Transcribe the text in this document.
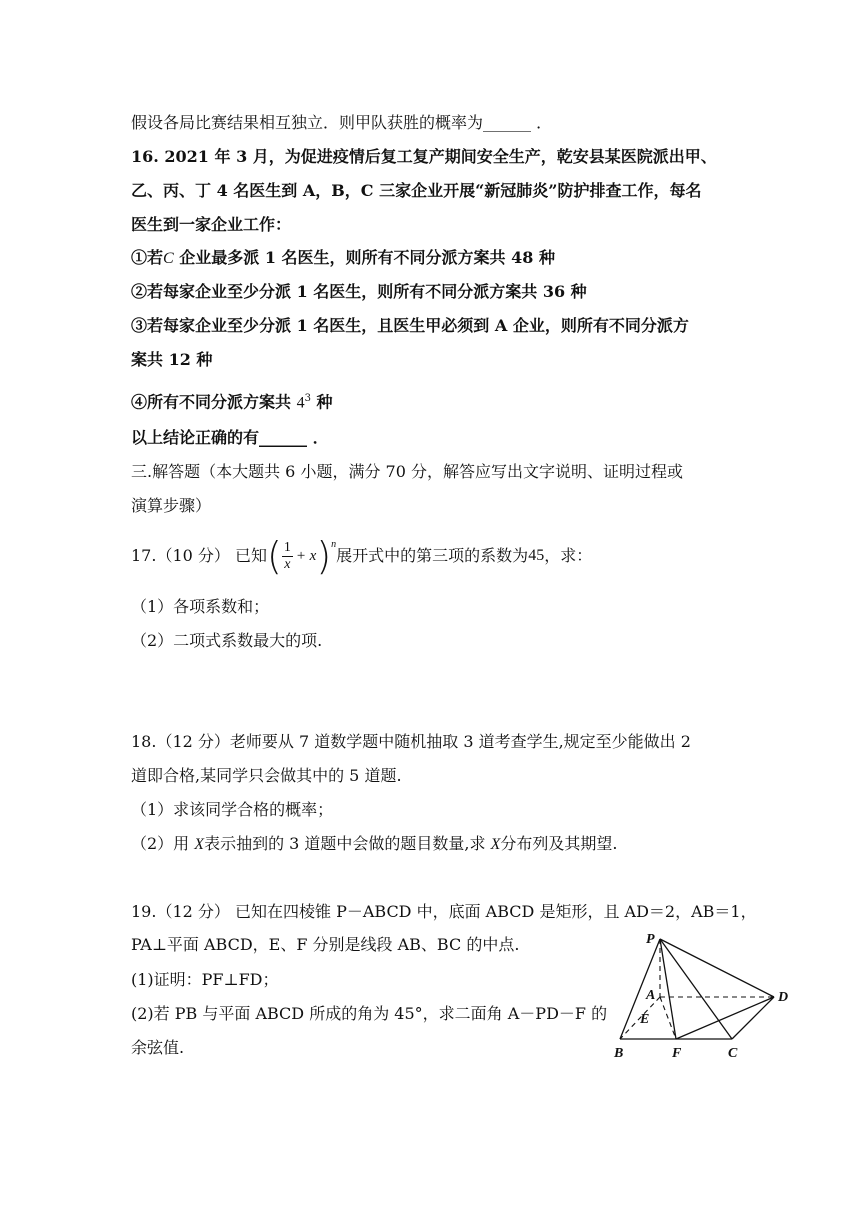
假设各局比赛结果相互独立．则甲队获胜的概率为______ ．
16. 2021 年 3 月，为促进疫情后复工复产期间安全生产，乾安县某医院派出甲、
乙、丙、丁 4 名医生到 A，B，C 三家企业开展“新冠肺炎”防护排查工作，每名
医生到一家企业工作：
①若C 企业最多派 1 名医生，则所有不同分派方案共 48 种
②若每家企业至少分派 1 名医生，则所有不同分派方案共 36 种
③若每家企业至少分派 1 名医生，且医生甲必须到 A 企业，则所有不同分派方
案共 12 种
④所有不同分派方案共 $4^3$ 种
以上结论正确的有______ ．
三.解答题（本大题共 6 小题，满分 70 分，解答应写出文字说明、证明过程或
演算步骤）
17.（10 分） 已知 ( $\frac{1}{x} + x$ )$^n$
展开式中的第三项的系数为 45 ，求：
（1）各项系数和；
（2）二项式系数最大的项.
18.（12 分）老师要从 7 道数学题中随机抽取 3 道考查学生,规定至少能做出 2
道即合格,某同学只会做其中的 5 道题.
（1）求该同学合格的概率；
（2）用 X表示抽到的 3 道题中会做的题目数量,求 X分布列及其期望.
19.（12 分） 已知在四棱锥 P－ABCD 中，底面 ABCD 是矩形，且 AD＝2，AB＝1，
PA⊥平面 ABCD，E、F 分别是线段 AB、BC 的中点.
(1)证明：PF⊥FD；
(2)若 PB 与平面 ABCD 所成的角为 45°，求二面角 A－PD－F 的
余弦值.
P
A	D
E
B	F	C
